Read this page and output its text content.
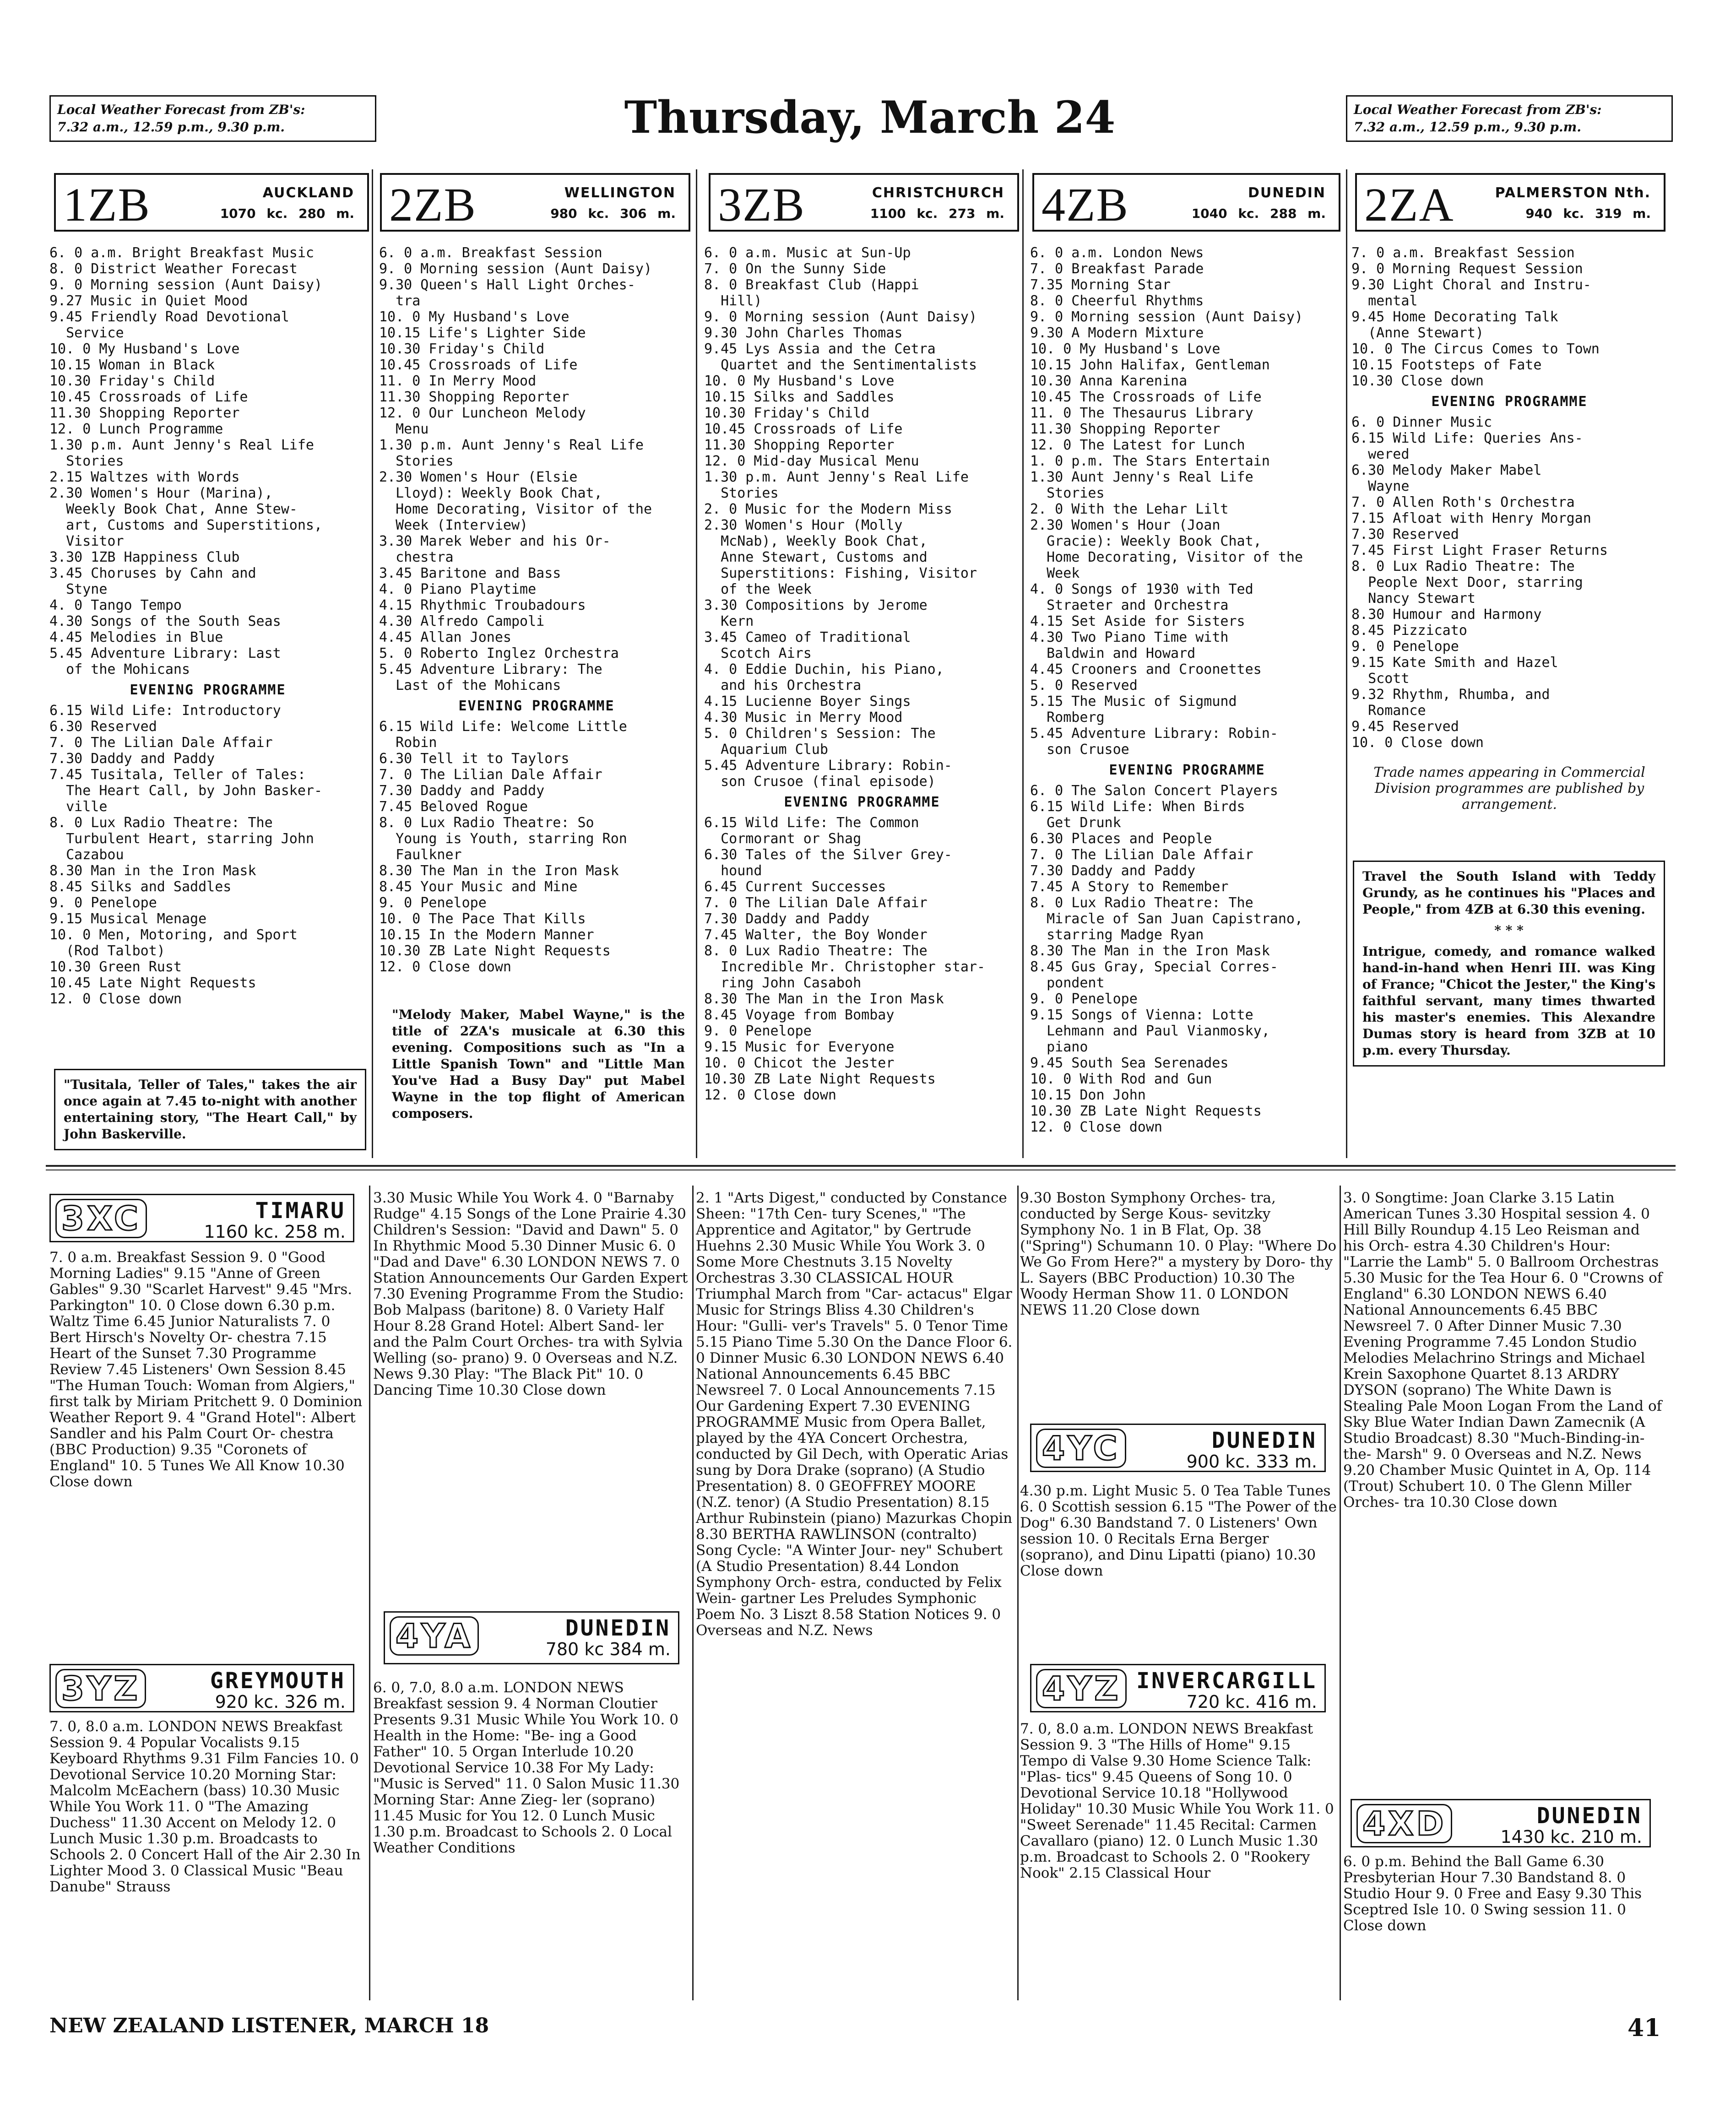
Local Weather Forecast from ZB's:
7.32 a.m., 12.59 p.m., 9.30 p.m.	Thursday, March 24	Local Weather Forecast from ZB's:
7.32 a.m., 12.59 p.m., 9.30 p.m.
1ZB	AUCKLAND
1070 kc. 280 m. 2ZB	WELLINGTON
980 kc. 306 m. 3ZB	CHRISTCHURCH
1100 kc. 273 m. 4ZB	DUNEDIN
1040 kc. 288 m. 2ZA	PALMERSTON Nth.
940 kc. 319 m.
6. 0 a.m. Bright Breakfast Music
8. 0 District Weather Forecast
9. 0 Morning session (Aunt Daisy)
9.27 Music in Quiet Mood
9.45 Friendly Road Devotional
Service
10. 0 My Husband's Love
10.15 Woman in Black
10.30 Friday's Child
10.45 Crossroads of Life
11.30 Shopping Reporter
12. 0 Lunch Programme
1.30 p.m. Aunt Jenny's Real Life
Stories
2.15 Waltzes with Words
2.30 Women's Hour (Marina),
Weekly Book Chat, Anne Stew-
art, Customs and Superstitions,
Visitor
3.30 1ZB Happiness Club
3.45 Choruses by Cahn and
Styne
4. 0 Tango Tempo
4.30 Songs of the South Seas
4.45 Melodies in Blue
5.45 Adventure Library: Last
of the Mohicans
EVENING PROGRAMME
6.15 Wild Life: Introductory
6.30 Reserved
7. 0 The Lilian Dale Affair
7.30 Daddy and Paddy
7.45 Tusitala, Teller of Tales:
The Heart Call, by John Basker-
ville
8. 0 Lux Radio Theatre: The
Turbulent Heart, starring John
Cazabou
8.30 Man in the Iron Mask
8.45 Silks and Saddles
9. 0 Penelope
9.15 Musical Menage
10. 0 Men, Motoring, and Sport
(Rod Talbot)
10.30 Green Rust
10.45 Late Night Requests
12. 0 Close down
"Tusitala, Teller of Tales," takes the air once again at 7.45 to-night with another entertaining story, "The Heart Call," by John Baskerville.
6. 0 a.m. Breakfast Session
9. 0 Morning session (Aunt Daisy)
9.30 Queen's Hall Light Orches-
tra
10. 0 My Husband's Love
10.15 Life's Lighter Side
10.30 Friday's Child
10.45 Crossroads of Life
11. 0 In Merry Mood
11.30 Shopping Reporter
12. 0 Our Luncheon Melody
Menu
1.30 p.m. Aunt Jenny's Real Life
Stories
2.30 Women's Hour (Elsie
Lloyd): Weekly Book Chat,
Home Decorating, Visitor of the
Week (Interview)
3.30 Marek Weber and his Or-
chestra
3.45 Baritone and Bass
4. 0 Piano Playtime
4.15 Rhythmic Troubadours
4.30 Alfredo Campoli
4.45 Allan Jones
5. 0 Roberto Inglez Orchestra
5.45 Adventure Library: The
Last of the Mohicans
EVENING PROGRAMME
6.15 Wild Life: Welcome Little
Robin
6.30 Tell it to Taylors
7. 0 The Lilian Dale Affair
7.30 Daddy and Paddy
7.45 Beloved Rogue
8. 0 Lux Radio Theatre: So
Young is Youth, starring Ron
Faulkner
8.30 The Man in the Iron Mask
8.45 Your Music and Mine
9. 0 Penelope
10. 0 The Pace That Kills
10.15 In the Modern Manner
10.30 ZB Late Night Requests
12. 0 Close down
"Melody Maker, Mabel Wayne," is the title of 2ZA's musicale at 6.30 this evening. Compositions such as "In a Little Spanish Town" and "Little Man You've Had a Busy Day" put Mabel Wayne in the top flight of American composers.
6. 0 a.m. Music at Sun-Up
7. 0 On the Sunny Side
8. 0 Breakfast Club (Happi
Hill)
9. 0 Morning session (Aunt Daisy)
9.30 John Charles Thomas
9.45 Lys Assia and the Cetra
Quartet and the Sentimentalists
10. 0 My Husband's Love
10.15 Silks and Saddles
10.30 Friday's Child
10.45 Crossroads of Life
11.30 Shopping Reporter
12. 0 Mid-day Musical Menu
1.30 p.m. Aunt Jenny's Real Life
Stories
2. 0 Music for the Modern Miss
2.30 Women's Hour (Molly
McNab), Weekly Book Chat,
Anne Stewart, Customs and
Superstitions: Fishing, Visitor
of the Week
3.30 Compositions by Jerome
Kern
3.45 Cameo of Traditional
Scotch Airs
4. 0 Eddie Duchin, his Piano,
and his Orchestra
4.15 Lucienne Boyer Sings
4.30 Music in Merry Mood
5. 0 Children's Session: The
Aquarium Club
5.45 Adventure Library: Robin-
son Crusoe (final episode)
EVENING PROGRAMME
6.15 Wild Life: The Common
Cormorant or Shag
6.30 Tales of the Silver Grey-
hound
6.45 Current Successes
7. 0 The Lilian Dale Affair
7.30 Daddy and Paddy
7.45 Walter, the Boy Wonder
8. 0 Lux Radio Theatre: The
Incredible Mr. Christopher star-
ring John Casaboh
8.30 The Man in the Iron Mask
8.45 Voyage from Bombay
9. 0 Penelope
9.15 Music for Everyone
10. 0 Chicot the Jester
10.30 ZB Late Night Requests
12. 0 Close down
6. 0 a.m. London News
7. 0 Breakfast Parade
7.35 Morning Star
8. 0 Cheerful Rhythms
9. 0 Morning session (Aunt Daisy)
9.30 A Modern Mixture
10. 0 My Husband's Love
10.15 John Halifax, Gentleman
10.30 Anna Karenina
10.45 The Crossroads of Life
11. 0 The Thesaurus Library
11.30 Shopping Reporter
12. 0 The Latest for Lunch
1. 0 p.m. The Stars Entertain
1.30 Aunt Jenny's Real Life
Stories
2. 0 With the Lehar Lilt
2.30 Women's Hour (Joan
Gracie): Weekly Book Chat,
Home Decorating, Visitor of the
Week
4. 0 Songs of 1930 with Ted
Straeter and Orchestra
4.15 Set Aside for Sisters
4.30 Two Piano Time with
Baldwin and Howard
4.45 Crooners and Croonettes
5. 0 Reserved
5.15 The Music of Sigmund
Romberg
5.45 Adventure Library: Robin-
son Crusoe
EVENING PROGRAMME
6. 0 The Salon Concert Players
6.15 Wild Life: When Birds
Get Drunk
6.30 Places and People
7. 0 The Lilian Dale Affair
7.30 Daddy and Paddy
7.45 A Story to Remember
8. 0 Lux Radio Theatre: The
Miracle of San Juan Capistrano,
starring Madge Ryan
8.30 The Man in the Iron Mask
8.45 Gus Gray, Special Corres-
pondent
9. 0 Penelope
9.15 Songs of Vienna: Lotte
Lehmann and Paul Vianmosky,
piano
9.45 South Sea Serenades
10. 0 With Rod and Gun
10.15 Don John
10.30 ZB Late Night Requests
12. 0 Close down
7. 0 a.m. Breakfast Session
9. 0 Morning Request Session
9.30 Light Choral and Instru-
mental
9.45 Home Decorating Talk
(Anne Stewart)
10. 0 The Circus Comes to Town
10.15 Footsteps of Fate
10.30 Close down
EVENING PROGRAMME
6. 0 Dinner Music
6.15 Wild Life: Queries Ans-
wered
6.30 Melody Maker Mabel
Wayne
7. 0 Allen Roth's Orchestra
7.15 Afloat with Henry Morgan
7.30 Reserved
7.45 First Light Fraser Returns
8. 0 Lux Radio Theatre: The
People Next Door, starring
Nancy Stewart
8.30 Humour and Harmony
8.45 Pizzicato
9. 0 Penelope
9.15 Kate Smith and Hazel
Scott
9.32 Rhythm, Rhumba, and
Romance
9.45 Reserved
10. 0 Close down
Trade names appearing in Commercial Division programmes are published by arrangement.
Travel the South Island with Teddy Grundy, as he continues his "Places and People," from 4ZB at 6.30 this evening.
* * *
Intrigue, comedy, and romance walked hand-in-hand when Henri III. was King of France; "Chicot the Jester," the King's faithful servant, many times thwarted his master's enemies. This Alexandre Dumas story is heard from 3ZB at 10 p.m. every Thursday.
3XC	TIMARU
1160 kc. 258 m.
7. 0 a.m. Breakfast Session 9. 0 "Good Morning Ladies" 9.15 "Anne of Green Gables" 9.30 "Scarlet Harvest" 9.45 "Mrs. Parkington" 10. 0 Close down 6.30 p.m. Waltz Time 6.45 Junior Naturalists 7. 0 Bert Hirsch's Novelty Or- chestra 7.15 Heart of the Sunset 7.30 Programme Review 7.45 Listeners' Own Session 8.45 "The Human Touch: Woman from Algiers," first talk by Miriam Pritchett 9. 0 Dominion Weather Report 9. 4 "Grand Hotel": Albert Sandler and his Palm Court Or- chestra (BBC Production) 9.35 "Coronets of England" 10. 5 Tunes We All Know 10.30 Close down
3YZ	GREYMOUTH
920 kc. 326 m.
7. 0, 8.0 a.m. LONDON NEWS Breakfast Session 9. 4 Popular Vocalists 9.15 Keyboard Rhythms 9.31 Film Fancies 10. 0 Devotional Service 10.20 Morning Star: Malcolm McEachern (bass) 10.30 Music While You Work 11. 0 "The Amazing Duchess" 11.30 Accent on Melody 12. 0 Lunch Music 1.30 p.m. Broadcasts to Schools 2. 0 Concert Hall of the Air 2.30 In Lighter Mood 3. 0 Classical Music "Beau Danube" Strauss
3.30 Music While You Work 4. 0 "Barnaby Rudge" 4.15 Songs of the Lone Prairie 4.30 Children's Session: "David and Dawn" 5. 0 In Rhythmic Mood 5.30 Dinner Music 6. 0 "Dad and Dave" 6.30 LONDON NEWS 7. 0 Station Announcements Our Garden Expert 7.30 Evening Programme From the Studio: Bob Malpass (baritone) 8. 0 Variety Half Hour 8.28 Grand Hotel: Albert Sand- ler and the Palm Court Orches- tra with Sylvia Welling (so- prano) 9. 0 Overseas and N.Z. News 9.30 Play: "The Black Pit" 10. 0 Dancing Time 10.30 Close down
4YA	DUNEDIN
780 kc 384 m.
6. 0, 7.0, 8.0 a.m. LONDON NEWS Breakfast session 9. 4 Norman Cloutier Presents 9.31 Music While You Work 10. 0 Health in the Home: "Be- ing a Good Father" 10. 5 Organ Interlude 10.20 Devotional Service 10.38 For My Lady: "Music is Served" 11. 0 Salon Music 11.30 Morning Star: Anne Zieg- ler (soprano) 11.45 Music for You 12. 0 Lunch Music 1.30 p.m. Broadcast to Schools 2. 0 Local Weather Conditions
2. 1 "Arts Digest," conducted by Constance Sheen: "17th Cen- tury Scenes," "The Apprentice and Agitator," by Gertrude Huehns 2.30 Music While You Work 3. 0 Some More Chestnuts 3.15 Novelty Orchestras 3.30 CLASSICAL HOUR Triumphal March from "Car- actacus" Elgar Music for Strings Bliss 4.30 Children's Hour: "Gulli- ver's Travels" 5. 0 Tenor Time 5.15 Piano Time 5.30 On the Dance Floor 6. 0 Dinner Music 6.30 LONDON NEWS 6.40 National Announcements 6.45 BBC Newsreel 7. 0 Local Announcements 7.15 Our Gardening Expert 7.30 EVENING PROGRAMME Music from Opera Ballet, played by the 4YA Concert Orchestra, conducted by Gil Dech, with Operatic Arias sung by Dora Drake (soprano) (A Studio Presentation) 8. 0 GEOFFREY MOORE (N.Z. tenor) (A Studio Presentation) 8.15 Arthur Rubinstein (piano) Mazurkas Chopin 8.30 BERTHA RAWLINSON (contralto) Song Cycle: "A Winter Jour- ney" Schubert (A Studio Presentation) 8.44 London Symphony Orch- estra, conducted by Felix Wein- gartner Les Preludes Symphonic Poem No. 3 Liszt 8.58 Station Notices 9. 0 Overseas and N.Z. News
9.30 Boston Symphony Orches- tra, conducted by Serge Kous- sevitzky Symphony No. 1 in B Flat, Op. 38 ("Spring") Schumann 10. 0 Play: "Where Do We Go From Here?" a mystery by Doro- thy L. Sayers (BBC Production) 10.30 The Woody Herman Show 11. 0 LONDON NEWS 11.20 Close down
4YC	DUNEDIN
900 kc. 333 m.
4.30 p.m. Light Music 5. 0 Tea Table Tunes 6. 0 Scottish session 6.15 "The Power of the Dog" 6.30 Bandstand 7. 0 Listeners' Own session 10. 0 Recitals Erna Berger (soprano), and Dinu Lipatti (piano) 10.30 Close down
4YZ INVERCARGILL
720 kc. 416 m.
7. 0, 8.0 a.m. LONDON NEWS Breakfast Session 9. 3 "The Hills of Home" 9.15 Tempo di Valse 9.30 Home Science Talk: "Plas- tics" 9.45 Queens of Song 10. 0 Devotional Service 10.18 "Hollywood Holiday" 10.30 Music While You Work 11. 0 "Sweet Serenade" 11.45 Recital: Carmen Cavallaro (piano) 12. 0 Lunch Music 1.30 p.m. Broadcast to Schools 2. 0 "Rookery Nook" 2.15 Classical Hour
3. 0 Songtime: Joan Clarke 3.15 Latin American Tunes 3.30 Hospital session 4. 0 Hill Billy Roundup 4.15 Leo Reisman and his Orch- estra 4.30 Children's Hour: "Larrie the Lamb" 5. 0 Ballroom Orchestras 5.30 Music for the Tea Hour 6. 0 "Crowns of England" 6.30 LONDON NEWS 6.40 National Announcements 6.45 BBC Newsreel 7. 0 After Dinner Music 7.30 Evening Programme 7.45 London Studio Melodies Melachrino Strings and Michael Krein Saxophone Quartet 8.13 ARDRY DYSON (soprano) The White Dawn is Stealing Pale Moon Logan From the Land of Sky Blue Water Indian Dawn Zamecnik (A Studio Broadcast) 8.30 "Much-Binding-in-the- Marsh" 9. 0 Overseas and N.Z. News 9.20 Chamber Music Quintet in A, Op. 114 (Trout) Schubert 10. 0 The Glenn Miller Orches- tra 10.30 Close down
4XD	DUNEDIN
1430 kc. 210 m.
6. 0 p.m. Behind the Ball Game 6.30 Presbyterian Hour 7.30 Bandstand 8. 0 Studio Hour 9. 0 Free and Easy 9.30 This Sceptred Isle 10. 0 Swing session 11. 0 Close down
NEW ZEALAND LISTENER, MARCH 18	41
